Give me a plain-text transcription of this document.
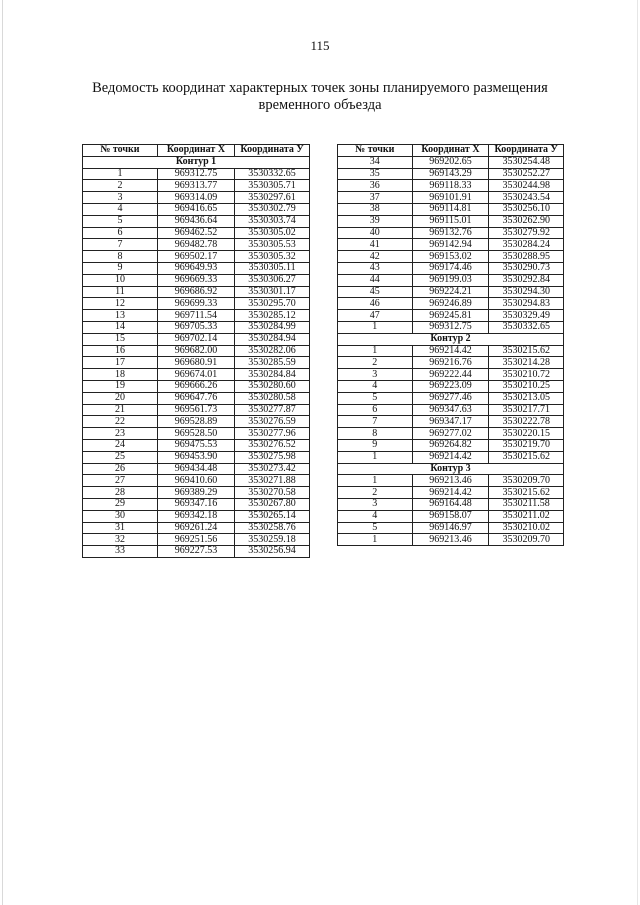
115
Ведомость координат характерных точек зоны планируемого размещения временного объезда
№ точки	Координат X	Координата У
Контур 1		
1	969312.75	3530332.65
2	969313.77	3530305.71
3	969314.09	3530297.61
4	969416.65	3530302.79
5	969436.64	3530303.74
6	969462.52	3530305.02
7	969482.78	3530305.53
8	969502.17	3530305.32
9	969649.93	3530305.11
10	969669.33	3530306.27
11	969686.92	3530301.17
12	969699.33	3530295.70
13	969711.54	3530285.12
14	969705.33	3530284.99
15	969702.14	3530284.94
16	969682.00	3530282.06
17	969680.91	3530285.59
18	969674.01	3530284.84
19	969666.26	3530280.60
20	969647.76	3530280.58
21	969561.73	3530277.87
22	969528.89	3530276.59
23	969528.50	3530277.96
24	969475.53	3530276.52
25	969453.90	3530275.98
26	969434.48	3530273.42
27	969410.60	3530271.88
28	969389.29	3530270.58
29	969347.16	3530267.80
30	969342.18	3530265.14
31	969261.24	3530258.76
32	969251.56	3530259.18
33	969227.53	3530256.94
№ точки	Координат X	Координата У
34	969202.65	3530254.48
35	969143.29	3530252.27
36	969118.33	3530244.98
37	969101.91	3530243.54
38	969114.81	3530256.10
39	969115.01	3530262.90
40	969132.76	3530279.92
41	969142.94	3530284.24
42	969153.02	3530288.95
43	969174.46	3530290.73
44	969199.03	3530292.84
45	969224.21	3530294.30
46	969246.89	3530294.83
47	969245.81	3530329.49
1	969312.75	3530332.65
Контур 2		
1	969214.42	3530215.62
2	969216.76	3530214.28
3	969222.44	3530210.72
4	969223.09	3530210.25
5	969277.46	3530213.05
6	969347.63	3530217.71
7	969347.17	3530222.78
8	969277.02	3530220.15
9	969264.82	3530219.70
1	969214.42	3530215.62
Контур 3		
1	969213.46	3530209.70
2	969214.42	3530215.62
3	969164.48	3530211.58
4	969158.07	3530211.02
5	969146.97	3530210.02
1	969213.46	3530209.70
